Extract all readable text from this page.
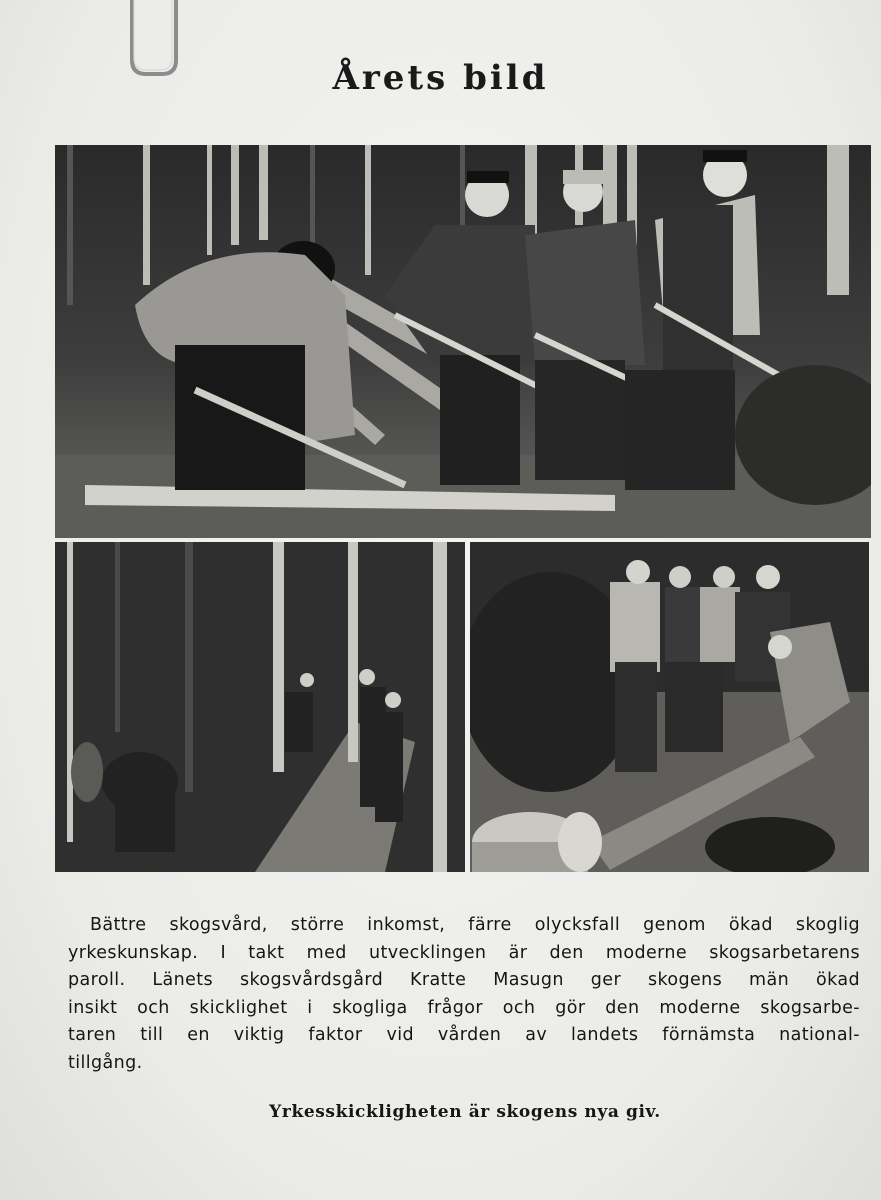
Årets bild
Bättre skogsvård, större inkomst, färre olycksfall genom ökad skoglig
yrkeskunskap. I takt med utvecklingen är den moderne skogsarbetarens
paroll. Länets skogsvårdsgård Kratte Masugn ger skogens män ökad
insikt och skicklighet i skogliga frågor och gör den moderne skogsarbe-
taren till en viktig faktor vid vården av landets förnämsta national-
tillgång.
Yrkesskickligheten är skogens nya giv.
